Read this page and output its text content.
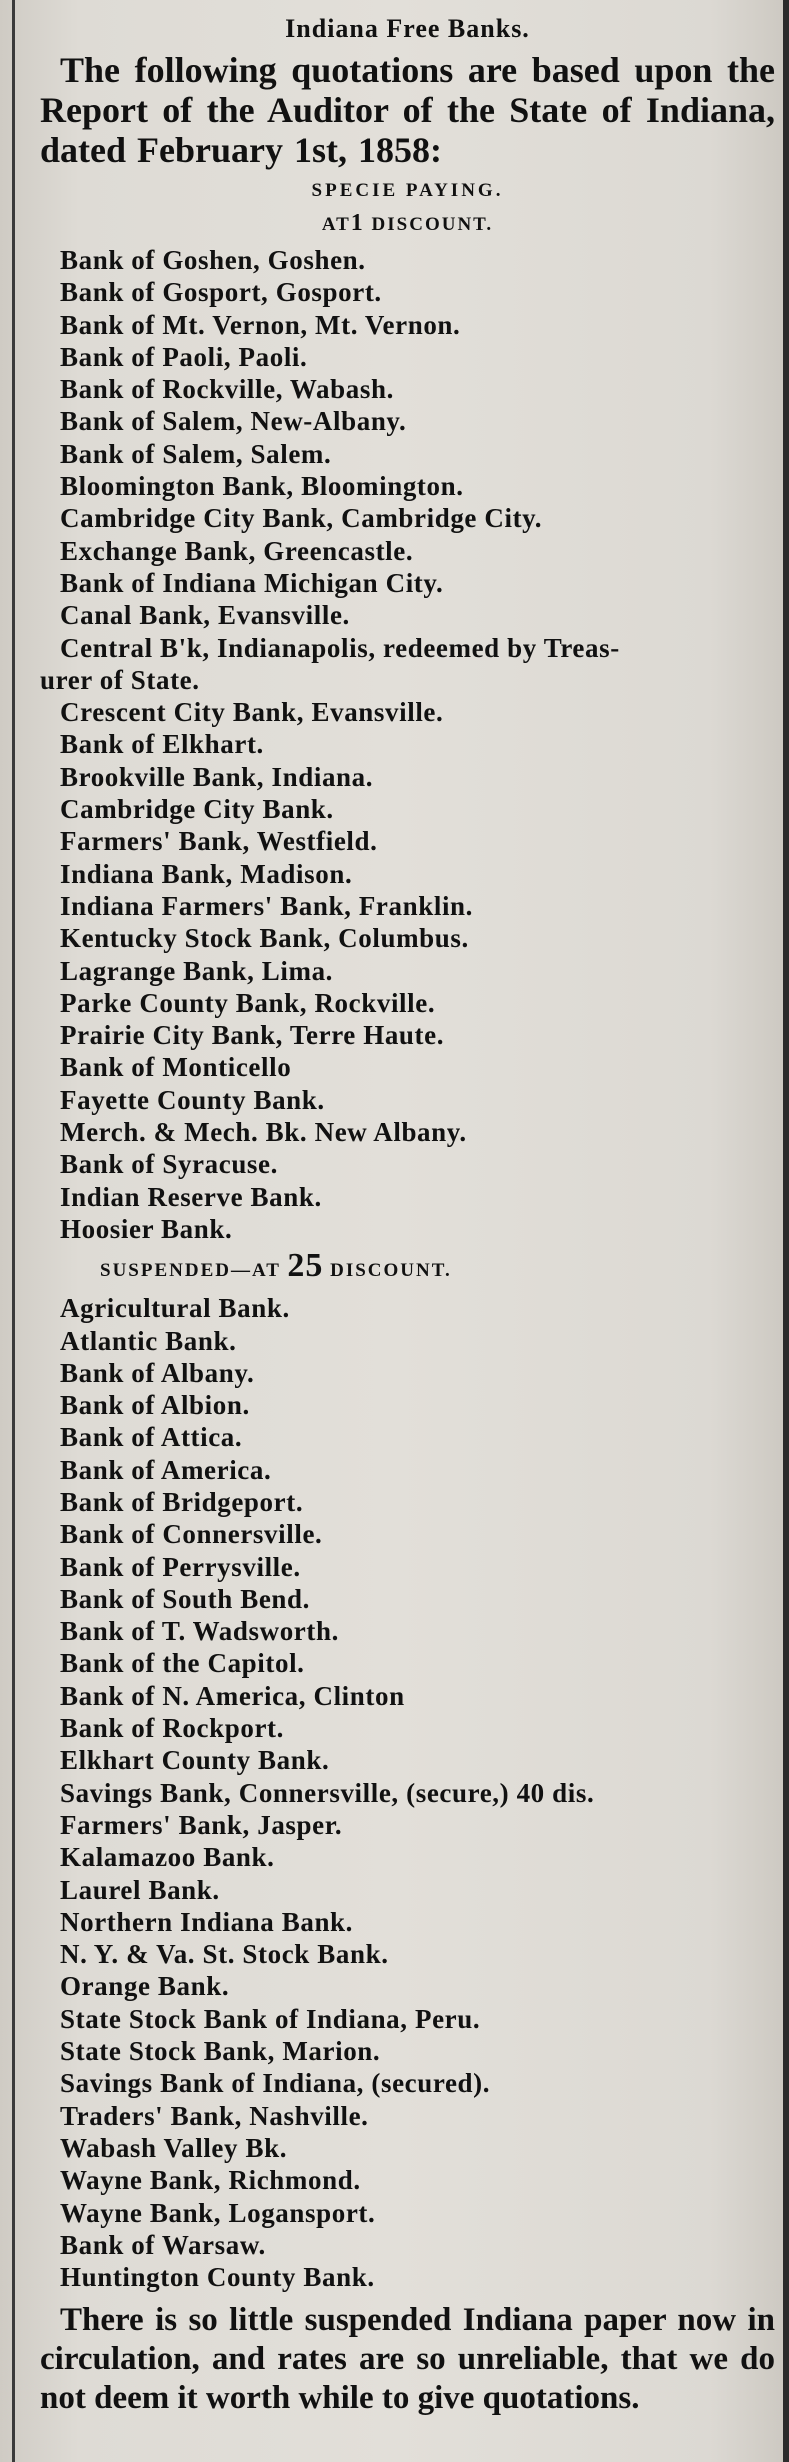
Indiana Free Banks.

The following quotations are based upon the Report of the Auditor of the State of Indiana, dated February 1st, 1858:

SPECIE PAYING.
AT1 DISCOUNT.
Bank of Goshen, Goshen.
Bank of Gosport, Gosport.
Bank of Mt. Vernon, Mt. Vernon.
Bank of Paoli, Paoli.
Bank of Rockville, Wabash.
Bank of Salem, New-Albany.
Bank of Salem, Salem.
Bloomington Bank, Bloomington.
Cambridge City Bank, Cambridge City.
Exchange Bank, Greencastle.
Bank of Indiana Michigan City.
Canal Bank, Evansville.
Central B'k, Indianapolis, redeemed by Treas-
urer of State.
Crescent City Bank, Evansville.
Bank of Elkhart.
Brookville Bank, Indiana.
Cambridge City Bank.
Farmers' Bank, Westfield.
Indiana Bank, Madison.
Indiana Farmers' Bank, Franklin.
Kentucky Stock Bank, Columbus.
Lagrange Bank, Lima.
Parke County Bank, Rockville.
Prairie City Bank, Terre Haute.
Bank of Monticello
Fayette County Bank.
Merch. & Mech. Bk. New Albany.
Bank of Syracuse.
Indian Reserve Bank.
Hoosier Bank.
SUSPENDED—AT 25 DISCOUNT.
Agricultural Bank.
Atlantic Bank.
Bank of Albany.
Bank of Albion.
Bank of Attica.
Bank of America.
Bank of Bridgeport.
Bank of Connersville.
Bank of Perrysville.
Bank of South Bend.
Bank of T. Wadsworth.
Bank of the Capitol.
Bank of N. America, Clinton
Bank of Rockport.
Elkhart County Bank.
Savings Bank, Connersville, (secure,) 40 dis.
Farmers' Bank, Jasper.
Kalamazoo Bank.
Laurel Bank.
Northern Indiana Bank.
N. Y. & Va. St. Stock Bank.
Orange Bank.
State Stock Bank of Indiana, Peru.
State Stock Bank, Marion.
Savings Bank of Indiana, (secured).
Traders' Bank, Nashville.
Wabash Valley Bk.
Wayne Bank, Richmond.
Wayne Bank, Logansport.
Bank of Warsaw.
Huntington County Bank.

There is so little suspended Indiana paper now in circulation, and rates are so unreliable, that we do not deem it worth while to give quotations.
